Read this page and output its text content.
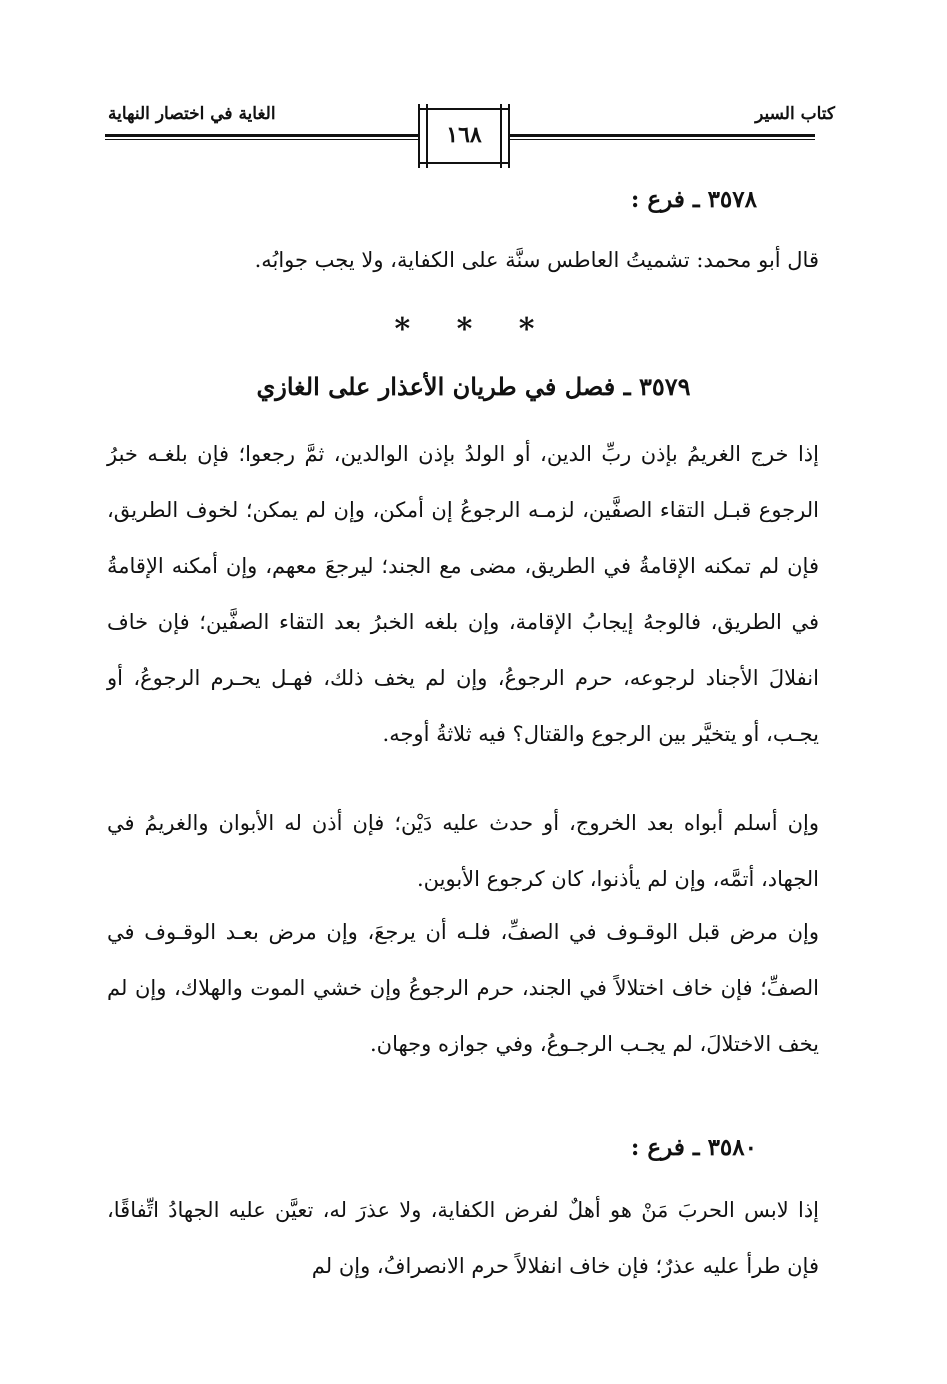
كتاب السير
الغاية في اختصار النهاية
١٦٨
٣٥٧٨ ـ فرع :

قال أبو محمد: تشميتُ العاطس سنَّة على الكفاية، ولا يجب جوابُه.

* * *
٣٥٧٩ ـ فصل في طريان الأعذار على الغازي

إذا خرج الغريمُ بإذن ربِّ الدين، أو الولدُ بإذن الوالدين، ثمَّ رجعوا؛ فإن بلغـه خبرُ الرجوع قبـل التقاء الصفَّين، لزمـه الرجوعُ إن أمكن، وإن لم يمكن؛ لخوف الطريق، فإن لم تمكنه الإقامةُ في الطريق، مضى مع الجند؛ ليرجعَ معهم، وإن أمكنه الإقامةُ في الطريق، فالوجهُ إيجابُ الإقامة، وإن بلغه الخبرُ بعد التقاء الصفَّين؛ فإن خاف انفلالَ الأجناد لرجوعه، حرم الرجوعُ، وإن لم يخف ذلك، فهـل يحـرم الرجوعُ، أو يجـب، أو يتخيَّر بين الرجوع والقتال؟ فيه ثلاثةُ أوجه.

وإن أسلم أبواه بعد الخروج، أو حدث عليه دَيْن؛ فإن أذن له الأبوان والغريمُ في الجهاد، أتمَّه، وإن لم يأذنوا، كان كرجوع الأبوين.

وإن مرض قبل الوقـوف في الصفِّ، فلـه أن يرجعَ، وإن مرض بعـد الوقـوف في الصفِّ؛ فإن خاف اختلالاً في الجند، حرم الرجوعُ وإن خشي الموت والهلاك، وإن لم يخف الاختلالَ، لم يجـب الرجـوعُ، وفي جوازه وجهان.

٣٥٨٠ ـ فرع :

إذا لابس الحربَ مَنْ هو أهلٌ لفرض الكفاية، ولا عذرَ له، تعيَّن عليه الجهادُ اتِّفاقًا، فإن طرأ عليه عذرٌ؛ فإن خاف انفلالاً حرم الانصرافُ، وإن لم
